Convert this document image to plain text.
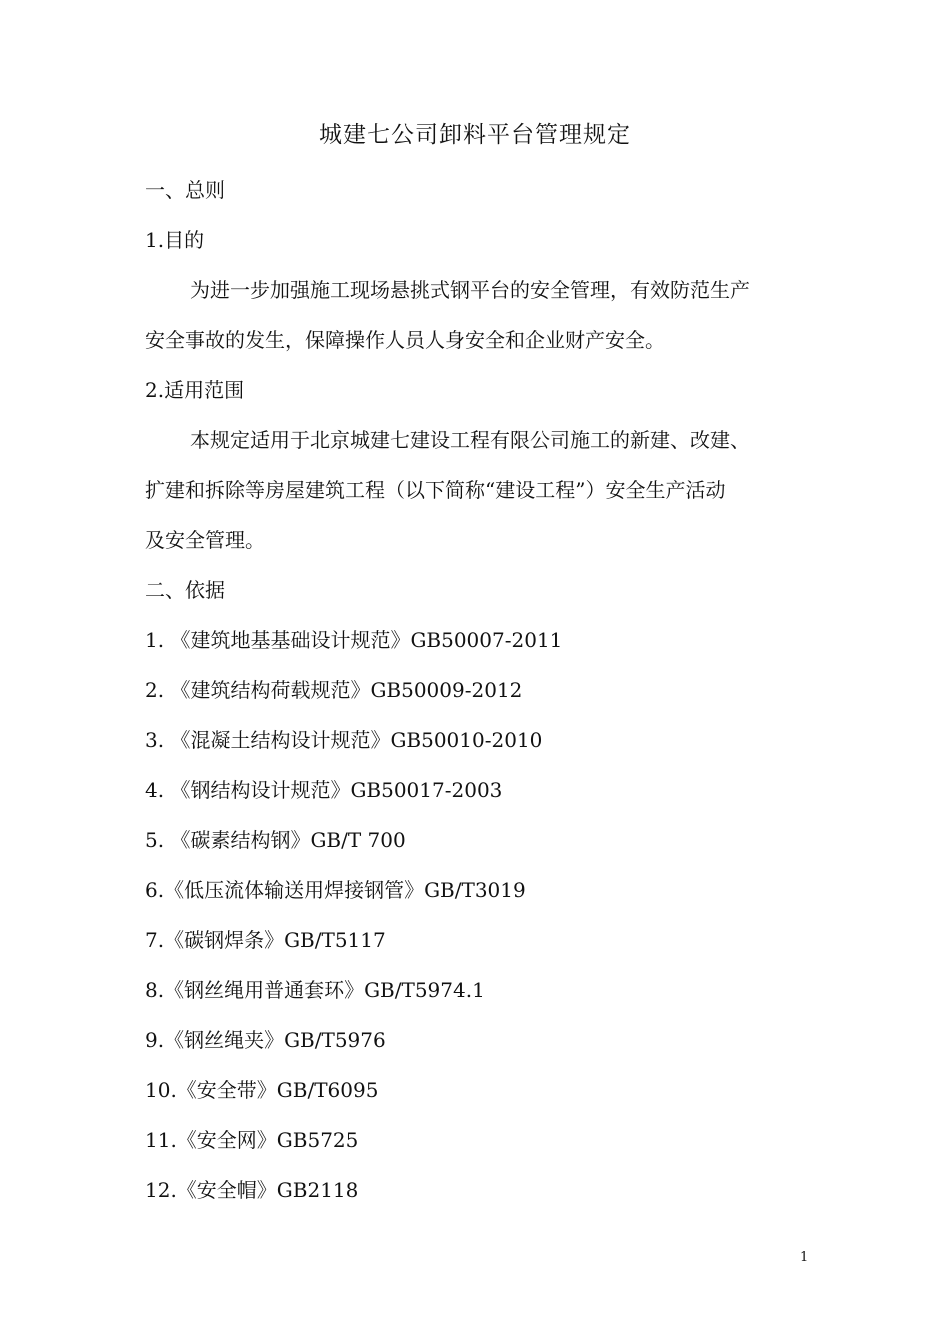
城建七公司卸料平台管理规定
一、总则
1.目的
为进一步加强施工现场悬挑式钢平台的安全管理，有效防范生产
安全事故的发生，保障操作人员人身安全和企业财产安全。
2.适用范围
本规定适用于北京城建七建设工程有限公司施工的新建、改建、
扩建和拆除等房屋建筑工程（以下简称“建设工程”）安全生产活动
及安全管理。
二、依据
1. 《建筑地基基础设计规范》GB50007-2011
2. 《建筑结构荷载规范》GB50009-2012
3. 《混凝土结构设计规范》GB50010-2010
4. 《钢结构设计规范》GB50017-2003
5. 《碳素结构钢》GB/T 700
6.《低压流体输送用焊接钢管》GB/T3019
7.《碳钢焊条》GB/T5117
8.《钢丝绳用普通套环》GB/T5974.1
9.《钢丝绳夹》GB/T5976
10.《安全带》GB/T6095
11.《安全网》GB5725
12.《安全帽》GB2118
1
